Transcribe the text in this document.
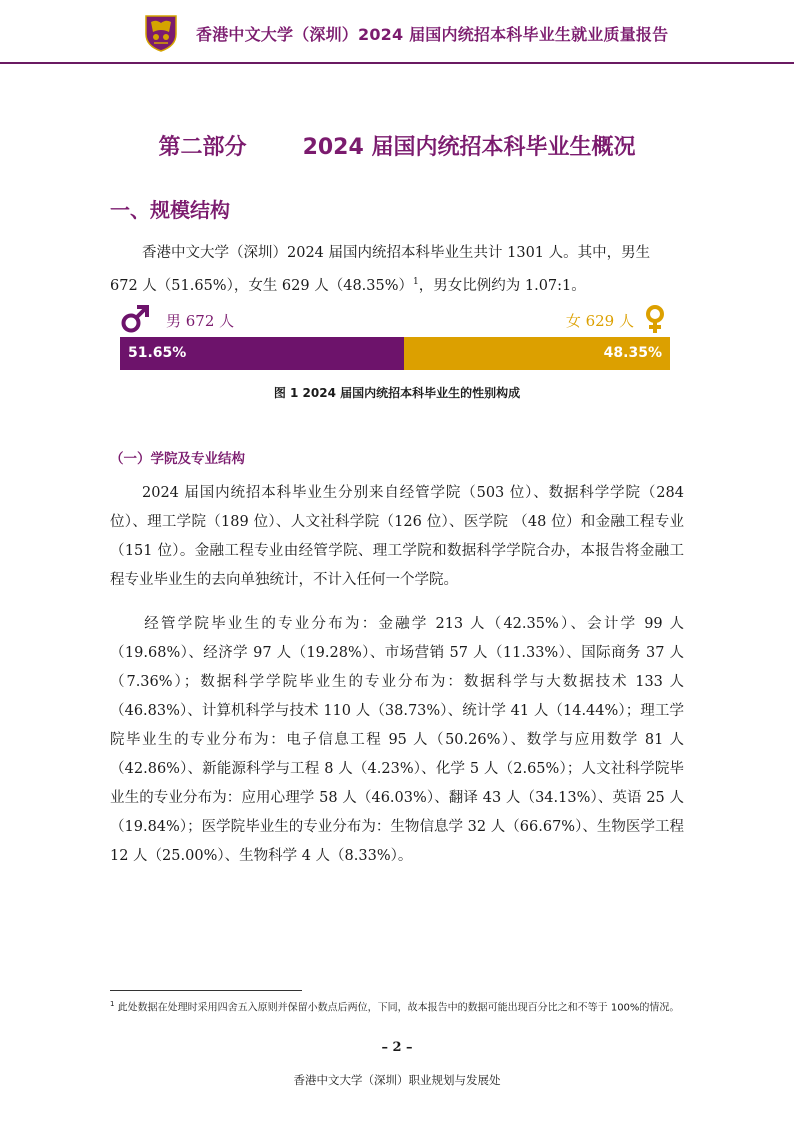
香港中文大学（深圳）2024 届国内统招本科毕业生就业质量报告
第二部分	2024 届国内统招本科毕业生概况
一、规模结构
香港中文大学（深圳）2024 届国内统招本科毕业生共计 1301 人。其中，男生
672 人（51.65%），女生 629 人$(48.35\%)^1$，男女比例约为 1.07:1。
男 672 人	女 629 人
51.65%	48.35%
图 1 2024 届国内统招本科毕业生的性别构成
（一）学院及专业结构
2024 届国内统招本科毕业生分别来自经管学院（503 位）、数据科学学院（284 位）、理工学院（189 位）、人文社科学院（126 位）、医学院 （48 位）和金融工程专业（151 位）。金融工程专业由经管学院、理工学院和数据科学学院合办，本报告将金融工程专业毕业生的去向单独统计，不计入任何一个学院。
经管学院毕业生的专业分布为：金融学 213 人（42.35%）、会计学 99 人（19.68%）、经济学 97 人（19.28%）、市场营销 57 人（11.33%）、国际商务 37 人（7.36%）；数据科学学院毕业生的专业分布为：数据科学与大数据技术 133 人（46.83%）、计算机科学与技术 110 人（38.73%）、统计学 41 人（14.44%）；理工学院毕业生的专业分布为：电子信息工程 95 人（50.26%）、数学与应用数学 81 人（42.86%）、新能源科学与工程 8 人（4.23%）、化学 5 人（2.65%）；人文社科学院毕业生的专业分布为：应用心理学 58 人（46.03%）、翻译 43 人（34.13%）、英语 25 人（19.84%）；医学院毕业生的专业分布为：生物信息学 32 人（66.67%）、生物医学工程 12 人（25.00%）、生物科学 4 人（8.33%）。
$^1$ 此处数据在处理时采用四舍五入原则并保留小数点后两位，下同，故本报告中的数据可能出现百分比之和不等于 100%的情况。
– 2 –
香港中文大学（深圳）职业规划与发展处
